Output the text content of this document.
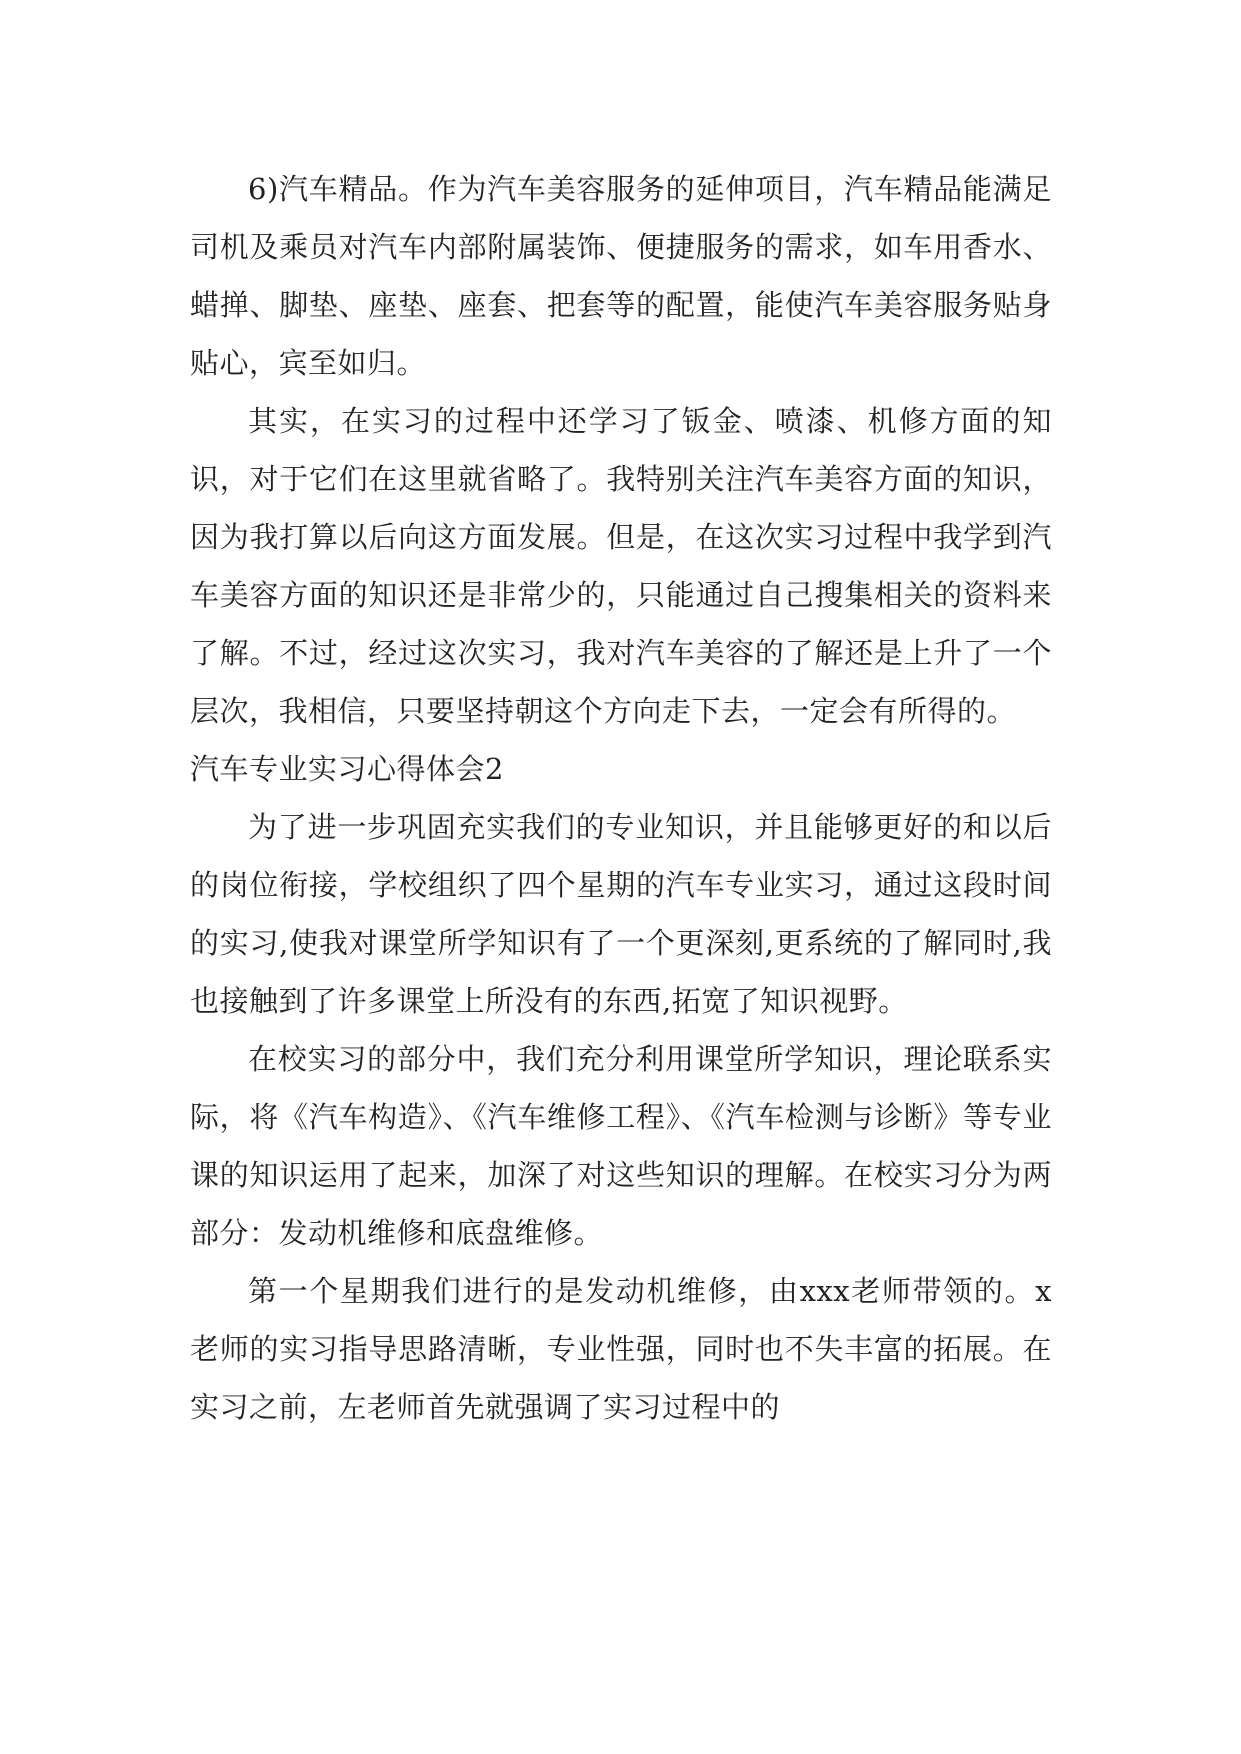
6)汽车精品。作为汽车美容服务的延伸项目，汽车精品能满足司机及乘员对汽车内部附属装饰、便捷服务的需求，如车用香水、蜡掸、脚垫、座垫、座套、把套等的配置，能使汽车美容服务贴身贴心，宾至如归。

其实，在实习的过程中还学习了钣金、喷漆、机修方面的知识，对于它们在这里就省略了。我特别关注汽车美容方面的知识，因为我打算以后向这方面发展。但是，在这次实习过程中我学到汽车美容方面的知识还是非常少的，只能通过自己搜集相关的资料来了解。不过，经过这次实习，我对汽车美容的了解还是上升了一个层次，我相信，只要坚持朝这个方向走下去，一定会有所得的。

汽车专业实习心得体会2

为了进一步巩固充实我们的专业知识，并且能够更好的和以后的岗位衔接，学校组织了四个星期的汽车专业实习，通过这段时间的实习,使我对课堂所学知识有了一个更深刻,更系统的了解同时,我也接触到了许多课堂上所没有的东西,拓宽了知识视野。

在校实习的部分中，我们充分利用课堂所学知识，理论联系实际，将《汽车构造》、《汽车维修工程》、《汽车检测与诊断》等专业课的知识运用了起来，加深了对这些知识的理解。在校实习分为两部分：发动机维修和底盘维修。

第一个星期我们进行的是发动机维修，由xxx老师带领的。x老师的实习指导思路清晰，专业性强，同时也不失丰富的拓展。在实习之前，左老师首先就强调了实习过程中的
